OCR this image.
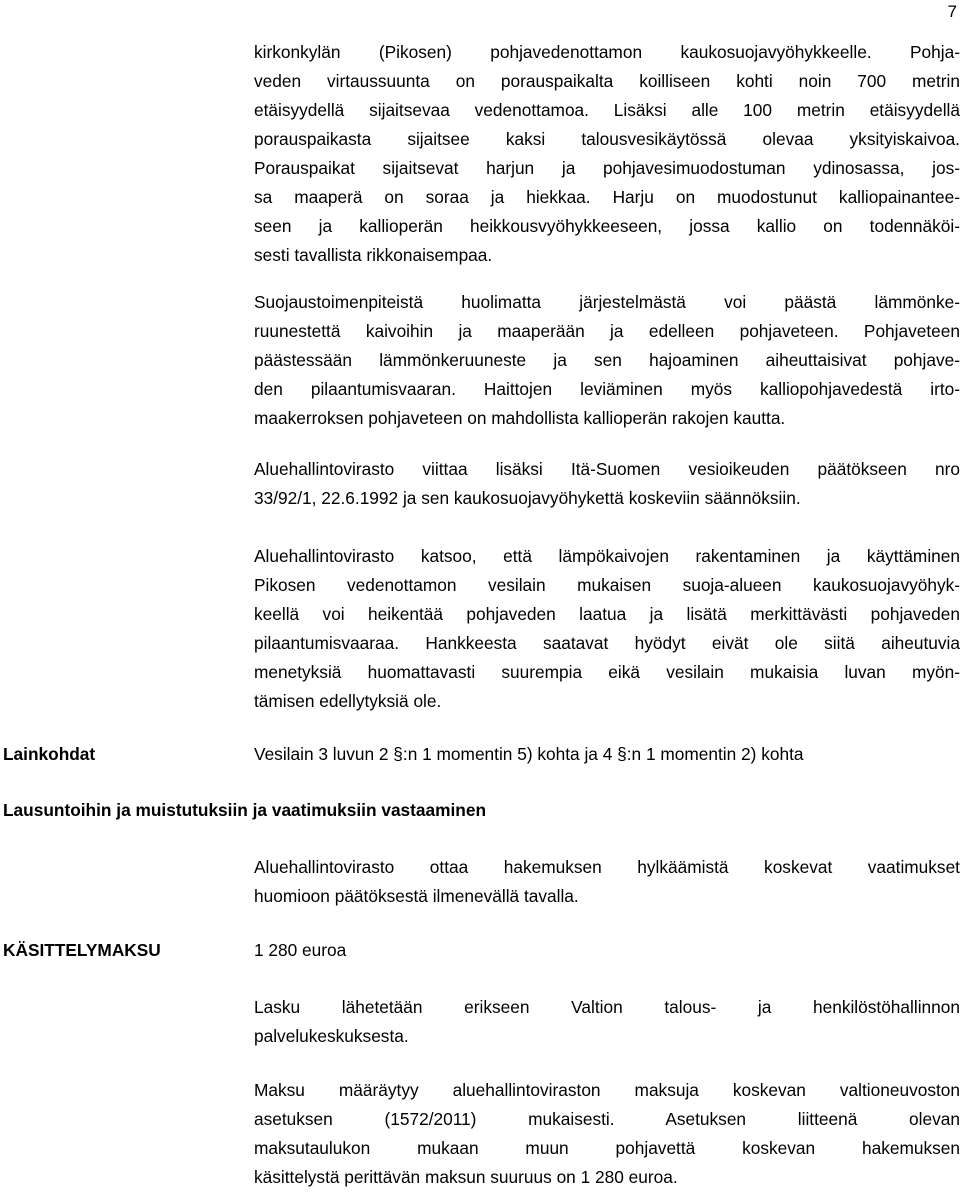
7
kirkonkylän (Pikosen) pohjavedenottamon kaukosuojavyöhykkeelle. Pohja-
veden virtaussuunta on porauspaikalta koilliseen kohti noin 700 metrin
etäisyydellä sijaitsevaa vedenottamoa. Lisäksi alle 100 metrin etäisyydellä
porauspaikasta sijaitsee kaksi talousvesikäytössä olevaa yksityiskaivoa.
Porauspaikat sijaitsevat harjun ja pohjavesimuodostuman ydinosassa, jos-
sa maaperä on soraa ja hiekkaa. Harju on muodostunut kalliopainantee-
seen ja kallioperän heikkousvyöhykkeeseen, jossa kallio on todennäköi-
sesti tavallista rikkonaisempaa.
Suojaustoimenpiteistä huolimatta järjestelmästä voi päästä lämmönke-
ruunestettä kaivoihin ja maaperään ja edelleen pohjaveteen. Pohjaveteen
päästessään lämmönkeruuneste ja sen hajoaminen aiheuttaisivat pohjave-
den pilaantumisvaaran. Haittojen leviäminen myös kalliopohjavedestä irto-
maakerroksen pohjaveteen on mahdollista kallioperän rakojen kautta.
Aluehallintovirasto viittaa lisäksi Itä-Suomen vesioikeuden päätökseen nro
33/92/1, 22.6.1992 ja sen kaukosuojavyöhykettä koskeviin säännöksiin.
Aluehallintovirasto katsoo, että lämpökaivojen rakentaminen ja käyttäminen
Pikosen vedenottamon vesilain mukaisen suoja-alueen kaukosuojavyöhyk-
keellä voi heikentää pohjaveden laatua ja lisätä merkittävästi pohjaveden
pilaantumisvaaraa. Hankkeesta saatavat hyödyt eivät ole siitä aiheutuvia
menetyksiä huomattavasti suurempia eikä vesilain mukaisia luvan myön-
tämisen edellytyksiä ole.
Lainkohdat	Vesilain 3 luvun 2 §:n 1 momentin 5) kohta ja 4 §:n 1 momentin 2) kohta
Lausuntoihin ja muistutuksiin ja vaatimuksiin vastaaminen
Aluehallintovirasto ottaa hakemuksen hylkäämistä koskevat vaatimukset
huomioon päätöksestä ilmenevällä tavalla.
KÄSITTELYMAKSU	1 280 euroa
Lasku lähetetään erikseen Valtion talous- ja henkilöstöhallinnon
palvelukeskuksesta.
Maksu määräytyy aluehallintoviraston maksuja koskevan valtioneuvoston
asetuksen (1572/2011) mukaisesti. Asetuksen liitteenä olevan
maksutaulukon mukaan muun pohjavettä koskevan hakemuksen
käsittelystä perittävän maksun suuruus on 1 280 euroa.
